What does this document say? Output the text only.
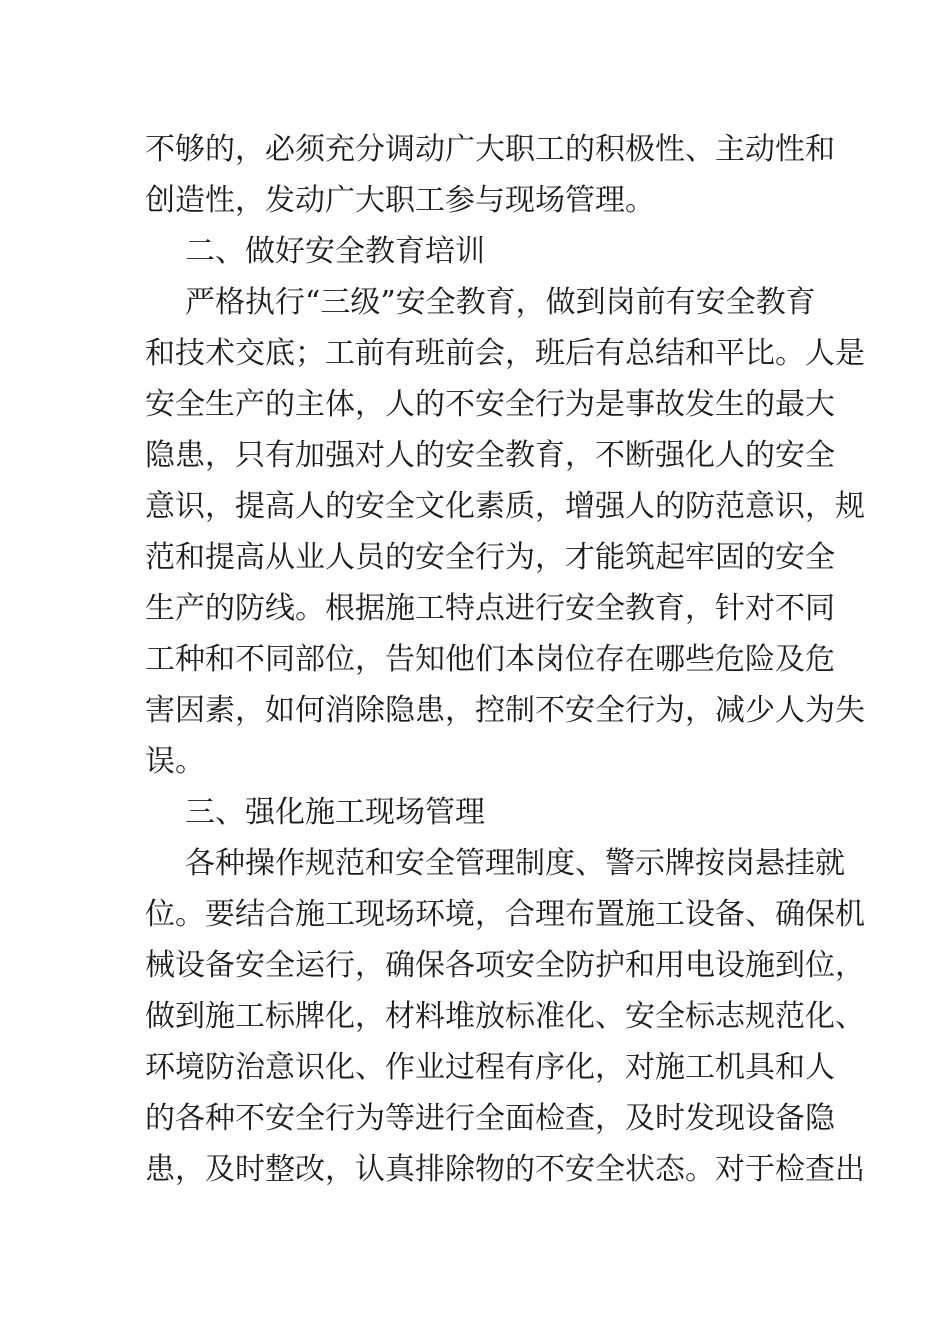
不够的，必须充分调动广大职工的积极性、主动性和
创造性，发动广大职工参与现场管理。
二、做好安全教育培训
严格执行“三级”安全教育，做到岗前有安全教育
和技术交底；工前有班前会，班后有总结和平比。人是
安全生产的主体，人的不安全行为是事故发生的最大
隐患，只有加强对人的安全教育，不断强化人的安全
意识，提高人的安全文化素质，增强人的防范意识，规
范和提高从业人员的安全行为，才能筑起牢固的安全
生产的防线。根据施工特点进行安全教育，针对不同
工种和不同部位，告知他们本岗位存在哪些危险及危
害因素，如何消除隐患，控制不安全行为，减少人为失
误。
三、强化施工现场管理
各种操作规范和安全管理制度、警示牌按岗悬挂就
位。要结合施工现场环境，合理布置施工设备、确保机
械设备安全运行，确保各项安全防护和用电设施到位，
做到施工标牌化，材料堆放标准化、安全标志规范化、
环境防治意识化、作业过程有序化，对施工机具和人
的各种不安全行为等进行全面检查，及时发现设备隐
患，及时整改，认真排除物的不安全状态。对于检查出
